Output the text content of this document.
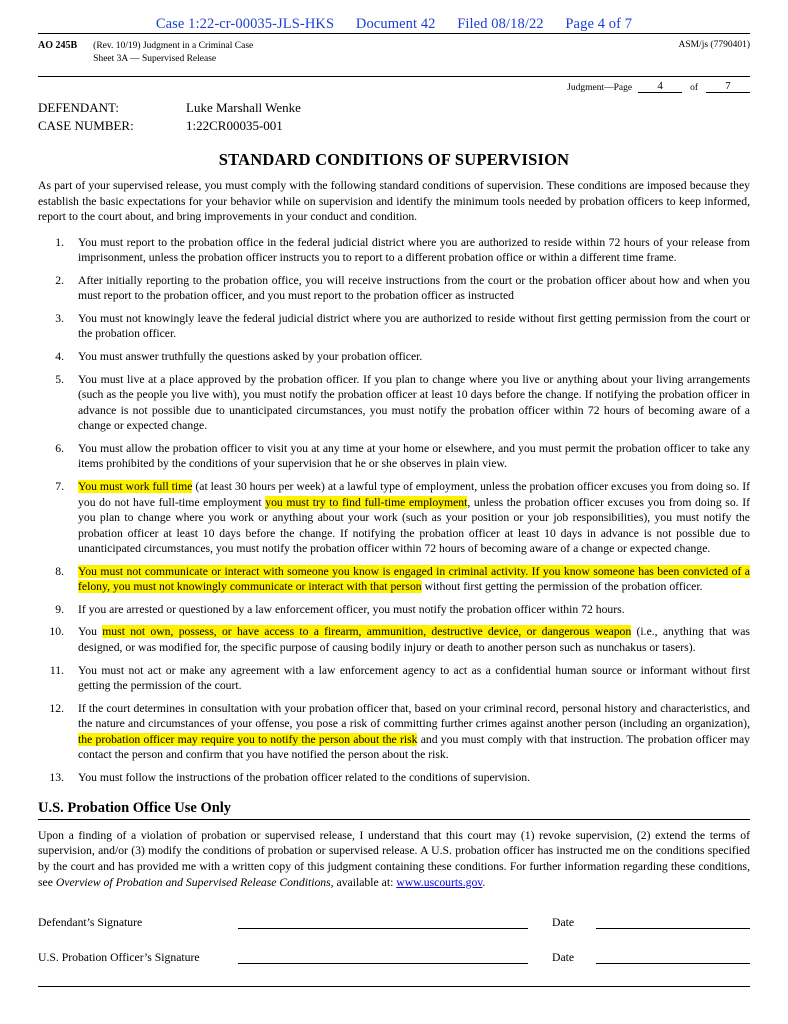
Case 1:22-cr-00035-JLS-HKS Document 42 Filed 08/18/22 Page 4 of 7
AO 245B (Rev. 10/19) Judgment in a Criminal Case
Sheet 3A — Supervised Release
ASM/js (7790401)
Judgment—Page	4	of	7
DEFENDANT:	Luke Marshall Wenke
CASE NUMBER:	1:22CR00035-001
STANDARD CONDITIONS OF SUPERVISION
As part of your supervised release, you must comply with the following standard conditions of supervision. These conditions are imposed because they establish the basic expectations for your behavior while on supervision and identify the minimum tools needed by probation officers to keep informed, report to the court about, and bring improvements in your conduct and condition.
1.	You must report to the probation office in the federal judicial district where you are authorized to reside within 72 hours of your release from imprisonment, unless the probation officer instructs you to report to a different probation office or within a different time frame.
2.	After initially reporting to the probation office, you will receive instructions from the court or the probation officer about how and when you must report to the probation officer, and you must report to the probation officer as instructed
3.	You must not knowingly leave the federal judicial district where you are authorized to reside without first getting permission from the court or the probation officer.
4.	You must answer truthfully the questions asked by your probation officer.
5.	You must live at a place approved by the probation officer. If you plan to change where you live or anything about your living arrangements (such as the people you live with), you must notify the probation officer at least 10 days before the change. If notifying the probation officer in advance is not possible due to unanticipated circumstances, you must notify the probation officer within 72 hours of becoming aware of a change or expected change.
6.	You must allow the probation officer to visit you at any time at your home or elsewhere, and you must permit the probation officer to take any items prohibited by the conditions of your supervision that he or she observes in plain view.
7.	You must work full time (at least 30 hours per week) at a lawful type of employment, unless the probation officer excuses you from doing so. If you do not have full-time employment you must try to find full-time employment, unless the probation officer excuses you from doing so. If you plan to change where you work or anything about your work (such as your position or your job responsibilities), you must notify the probation officer at least 10 days before the change. If notifying the probation officer at least 10 days in advance is not possible due to unanticipated circumstances, you must notify the probation officer within 72 hours of becoming aware of a change or expected change.
8.	You must not communicate or interact with someone you know is engaged in criminal activity. If you know someone has been convicted of a felony, you must not knowingly communicate or interact with that person without first getting the permission of the probation officer.
9.	If you are arrested or questioned by a law enforcement officer, you must notify the probation officer within 72 hours.
10.	You must not own, possess, or have access to a firearm, ammunition, destructive device, or dangerous weapon (i.e., anything that was designed, or was modified for, the specific purpose of causing bodily injury or death to another person such as nunchakus or tasers).
11.	You must not act or make any agreement with a law enforcement agency to act as a confidential human source or informant without first getting the permission of the court.
12.	If the court determines in consultation with your probation officer that, based on your criminal record, personal history and characteristics, and the nature and circumstances of your offense, you pose a risk of committing further crimes against another person (including an organization), the probation officer may require you to notify the person about the risk and you must comply with that instruction. The probation officer may contact the person and confirm that you have notified the person about the risk.
13.	You must follow the instructions of the probation officer related to the conditions of supervision.
U.S. Probation Office Use Only
Upon a finding of a violation of probation or supervised release, I understand that this court may (1) revoke supervision, (2) extend the terms of supervision, and/or (3) modify the conditions of probation or supervised release. A U.S. probation officer has instructed me on the conditions specified by the court and has provided me with a written copy of this judgment containing these conditions. For further information regarding these conditions, see Overview of Probation and Supervised Release Conditions, available at: www.uscourts.gov.
Defendant’s Signature	Date
U.S. Probation Officer’s Signature	Date
